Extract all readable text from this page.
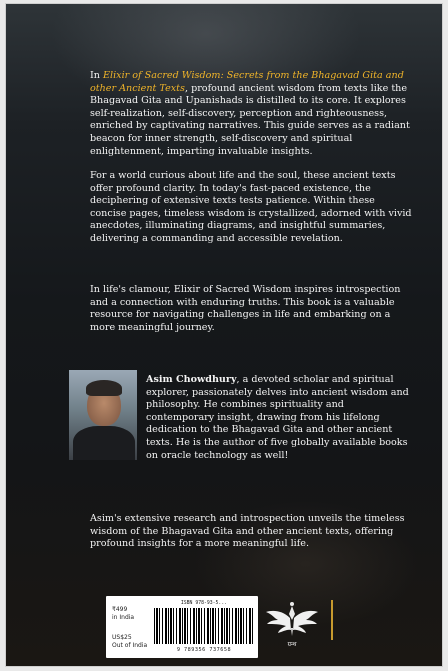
In Elixir of Sacred Wisdom: Secrets from the Bhagavad Gita and other Ancient Texts, profound ancient wisdom from texts like the Bhagavad Gita and Upanishads is distilled to its core. It explores self-realization, self-discovery, perception and righteousness, enriched by captivating narratives. This guide serves as a radiant beacon for inner strength, self-discovery and spiritual enlightenment, imparting invaluable insights.

For a world curious about life and the soul, these ancient texts offer profound clarity. In today's fast-paced existence, the deciphering of extensive texts tests patience. Within these concise pages, timeless wisdom is crystallized, adorned with vivid anecdotes, illuminating diagrams, and insightful summaries, delivering a commanding and accessible revelation.

In life's clamour, Elixir of Sacred Wisdom inspires introspection and a connection with enduring truths. This book is a valuable resource for navigating challenges in life and embarking on a more meaningful journey.

Asim Chowdhury, a devoted scholar and spiritual explorer, passionately delves into ancient wisdom and philosophy. He combines spirituality and contemporary insight, drawing from his lifelong dedication to the Bhagavad Gita and other ancient texts. He is the author of five globally available books on oracle technology as well!

Asim's extensive research and introspection unveils the timeless wisdom of the Bhagavad Gita and other ancient texts, offering profound insights for a more meaningful life.

₹499
in India
US$25
Out of India
ISBN 978-93-5...
9 789356 737658
ग्रन्थ
